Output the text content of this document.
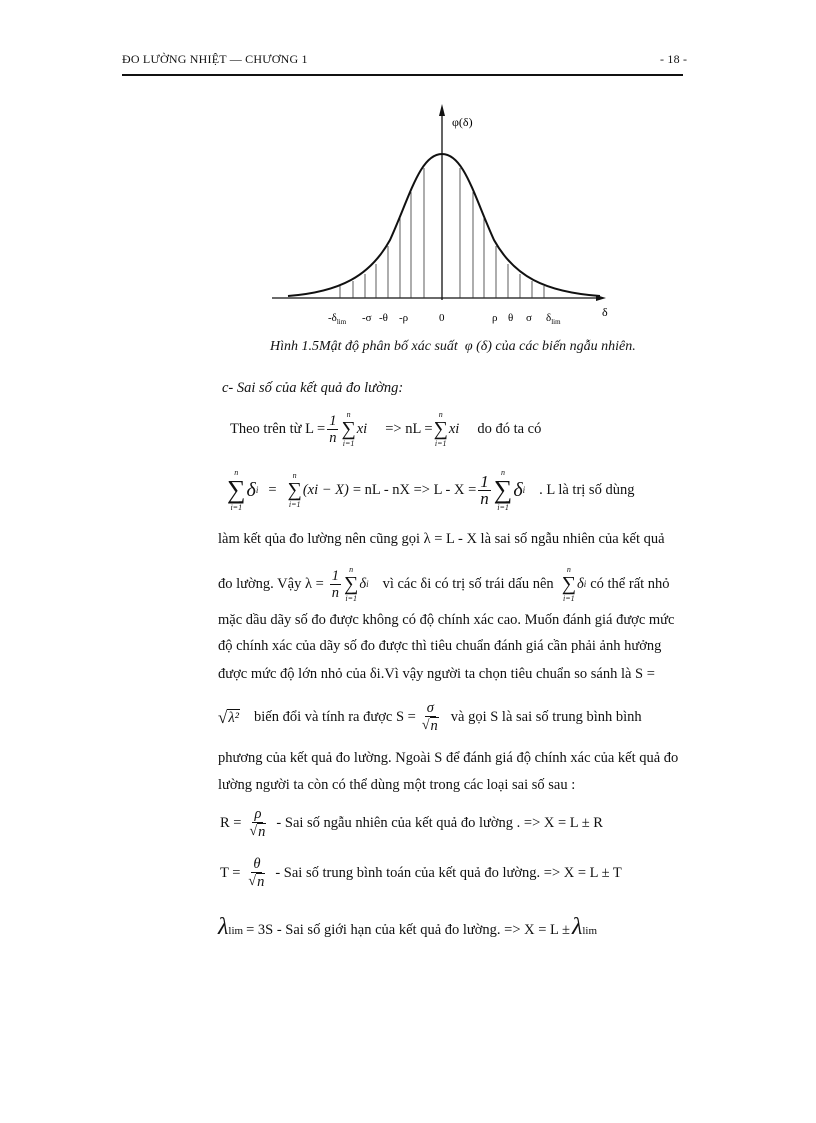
ĐO LƯỜNG NHIỆT — CHƯƠNG 1	- 18 -
φ(δ)
δ
$-\delta_{lim}$ -σ -θ -ρ	0	ρ θ σ $\delta_{lim}$
Hình 1.5Mật độ phân bố xác suất φ (δ) của các biến ngẫu nhiên.
c- Sai số của kết quả đo lường:
Theo trên từ $L = \frac{1}{n}$ n
∑
i=1
xi => nL =
n
∑
i=1
xi do đó ta có
n
∑
i=1
δ i =
n
∑
i=1
(xi − X) = nL - nX => $L - X = \frac{1}{n}$
n
∑
i=1
δ i . L là trị số dùng
làm kết qủa đo lường nên cũng gọi λ = L - X là sai số ngẫu nhiên của kết quả
đo lường. Vậy $\lambda = \frac{1}{n}$ n
∑
i=1
δ i vì các δi có trị số trái dấu nên
n
∑
i=1
δ i có thể rất nhỏ
mặc dầu dãy số đo được không có độ chính xác cao. Muốn đánh giá được mức
độ chính xác của dãy số đo được thì tiêu chuẩn đánh giá cần phải ảnh hưởng
được mức độ lớn nhỏ của δi.Vì vậy người ta chọn tiêu chuẩn so sánh là S =
√ λ² biến đổi và tính ra được $S = \frac{\sigma}{√ n}$ và gọi S là sai số trung bình bình
phương của kết quả đo lường. Ngoài S để đánh giá độ chính xác của kết quả đo
lường người ta còn có thể dùng một trong các loại sai số sau :
$R = \frac{\rho}{√ n}$ - Sai số ngẫu nhiên của kết quả đo lường . => X = L ± R
$T = \frac{\theta}{√ n}$ - Sai số trung bình toán của kết quả đo lường. => X = L ± T
λ lim = 3S - Sai số giới hạn của kết quả đo lường. => X = L ± λ lim
